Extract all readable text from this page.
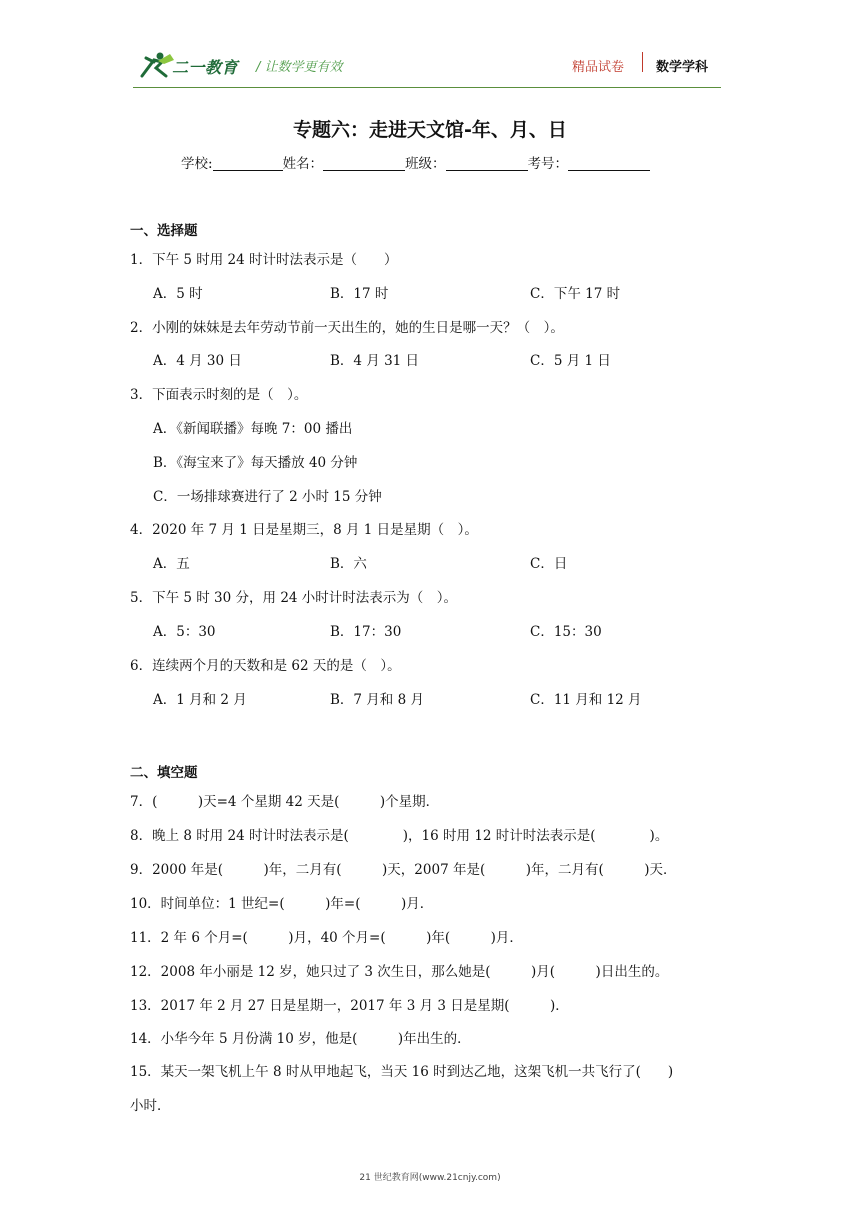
二一教育 / 让数学更有效	精品试卷 数学学科
专题六：走进天文馆-年、月、日
学校:	姓名：	班级：	考号：
一、选择题
1．下午 5 时用 24 时计时法表示是（　　）
A．5 时	B．17 时	C．下午 17 时
2．小刚的妹妹是去年劳动节前一天出生的，她的生日是哪一天？（　）。
A．4 月 30 日	B．4 月 31 日	C．5 月 1 日
3．下面表示时刻的是（　）。
A．《新闻联播》每晚 7：00 播出
B．《海宝来了》每天播放 40 分钟
C．一场排球赛进行了 2 小时 15 分钟
4．2020 年 7 月 1 日是星期三，8 月 1 日是星期（　）。
A．五	B．六	C．日
5．下午 5 时 30 分，用 24 小时计时法表示为（　）。
A．5：30	B．17：30	C．15：30
6．连续两个月的天数和是 62 天的是（　）。
A．1 月和 2 月	B．7 月和 8 月	C．11 月和 12 月
二、填空题
7．(　　　)天=4 个星期 42 天是(　　　)个星期．
8．晚上 8 时用 24 时计时法表示是(　　　　)，16 时用 12 时计时法表示是(　　　　)。
9．2000 年是(　　　)年，二月有(　　　)天，2007 年是(　　　)年，二月有(　　　)天．
10．时间单位：1 世纪=(　　　)年=(　　　)月．
11．2 年 6 个月=(　　　)月，40 个月=(　　　)年(　　　)月．
12．2008 年小丽是 12 岁，她只过了 3 次生日，那么她是(　　　)月(　　　)日出生的。
13．2017 年 2 月 27 日是星期一，2017 年 3 月 3 日是星期(　　　)．
14．小华今年 5 月份满 10 岁，他是(　　　)年出生的．
15．某天一架飞机上午 8 时从甲地起飞，当天 16 时到达乙地，这架飞机一共飞行了(　　)
小时．
21 世纪教育网(www.21cnjy.com)
